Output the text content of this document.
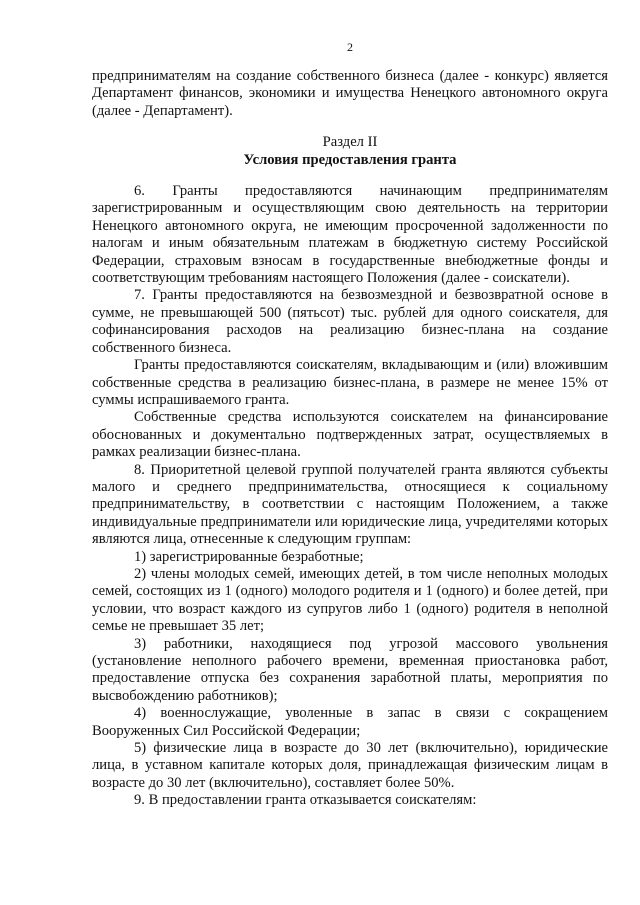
2

предпринимателям на создание собственного бизнеса (далее - конкурс) является Департамент финансов, экономики и имущества Ненецкого автономного округа (далее - Департамент).

Раздел II
Условия предоставления гранта

6. Гранты предоставляются начинающим предпринимателям зарегистрированным и осуществляющим свою деятельность на территории Ненецкого автономного округа, не имеющим просроченной задолженности по налогам и иным обязательным платежам в бюджетную систему Российской Федерации, страховым взносам в государственные внебюджетные фонды и соответствующим требованиям настоящего Положения (далее - соискатели).

7. Гранты предоставляются на безвозмездной и безвозвратной основе в сумме, не превышающей 500 (пятьсот) тыс. рублей для одного соискателя, для софинансирования расходов на реализацию бизнес-плана на создание собственного бизнеса.

Гранты предоставляются соискателям, вкладывающим и (или) вложившим собственные средства в реализацию бизнес-плана, в размере не менее 15% от суммы испрашиваемого гранта.

Собственные средства используются соискателем на финансирование обоснованных и документально подтвержденных затрат, осуществляемых в рамках реализации бизнес-плана.

8. Приоритетной целевой группой получателей гранта являются субъекты малого и среднего предпринимательства, относящиеся к социальному предпринимательству, в соответствии с настоящим Положением, а также индивидуальные предприниматели или юридические лица, учредителями которых являются лица, отнесенные к следующим группам:

1) зарегистрированные безработные;

2) члены молодых семей, имеющих детей, в том числе неполных молодых семей, состоящих из 1 (одного) молодого родителя и 1 (одного) и более детей, при условии, что возраст каждого из супругов либо 1 (одного) родителя в неполной семье не превышает 35 лет;

3) работники, находящиеся под угрозой массового увольнения (установление неполного рабочего времени, временная приостановка работ, предоставление отпуска без сохранения заработной платы, мероприятия по высвобождению работников);

4) военнослужащие, уволенные в запас в связи с сокращением Вооруженных Сил Российской Федерации;

5) физические лица в возрасте до 30 лет (включительно), юридические лица, в уставном капитале которых доля, принадлежащая физическим лицам в возрасте до 30 лет (включительно), составляет более 50%.

9. В предоставлении гранта отказывается соискателям:
